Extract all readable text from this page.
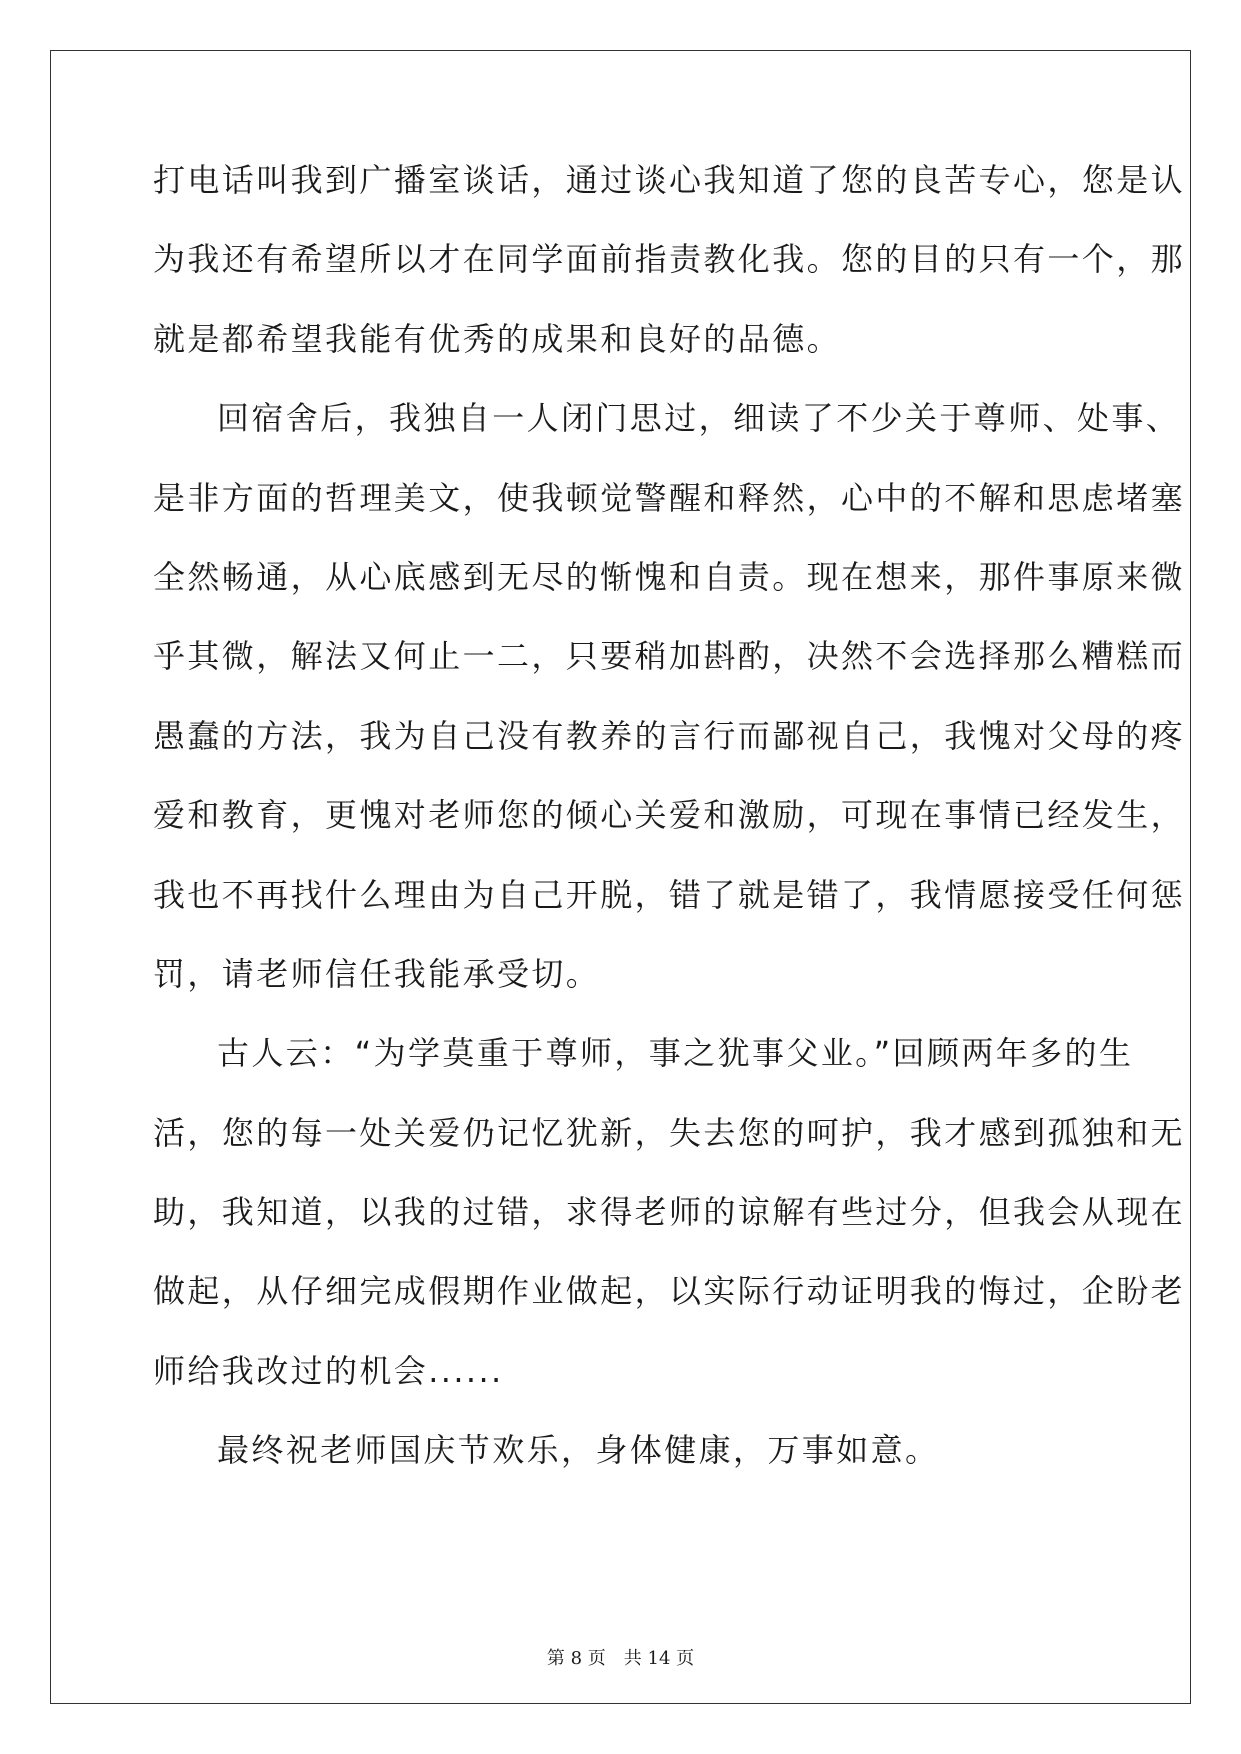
打电话叫我到广播室谈话，通过谈心我知道了您的良苦专心，您是认
为我还有希望所以才在同学面前指责教化我。您的目的只有一个，那
就是都希望我能有优秀的成果和良好的品德。
回宿舍后，我独自一人闭门思过，细读了不少关于尊师、处事、
是非方面的哲理美文，使我顿觉警醒和释然，心中的不解和思虑堵塞
全然畅通，从心底感到无尽的惭愧和自责。现在想来，那件事原来微
乎其微，解法又何止一二，只要稍加斟酌，决然不会选择那么糟糕而
愚蠢的方法，我为自己没有教养的言行而鄙视自己，我愧对父母的疼
爱和教育，更愧对老师您的倾心关爱和激励，可现在事情已经发生，
我也不再找什么理由为自己开脱，错了就是错了，我情愿接受任何惩
罚，请老师信任我能承受切。
古人云：“为学莫重于尊师，事之犹事父业。”回顾两年多的生
活，您的每一处关爱仍记忆犹新，失去您的呵护，我才感到孤独和无
助，我知道，以我的过错，求得老师的谅解有些过分，但我会从现在
做起，从仔细完成假期作业做起，以实际行动证明我的悔过，企盼老
师给我改过的机会......
最终祝老师国庆节欢乐，身体健康，万事如意。
第 8 页　共 14 页
